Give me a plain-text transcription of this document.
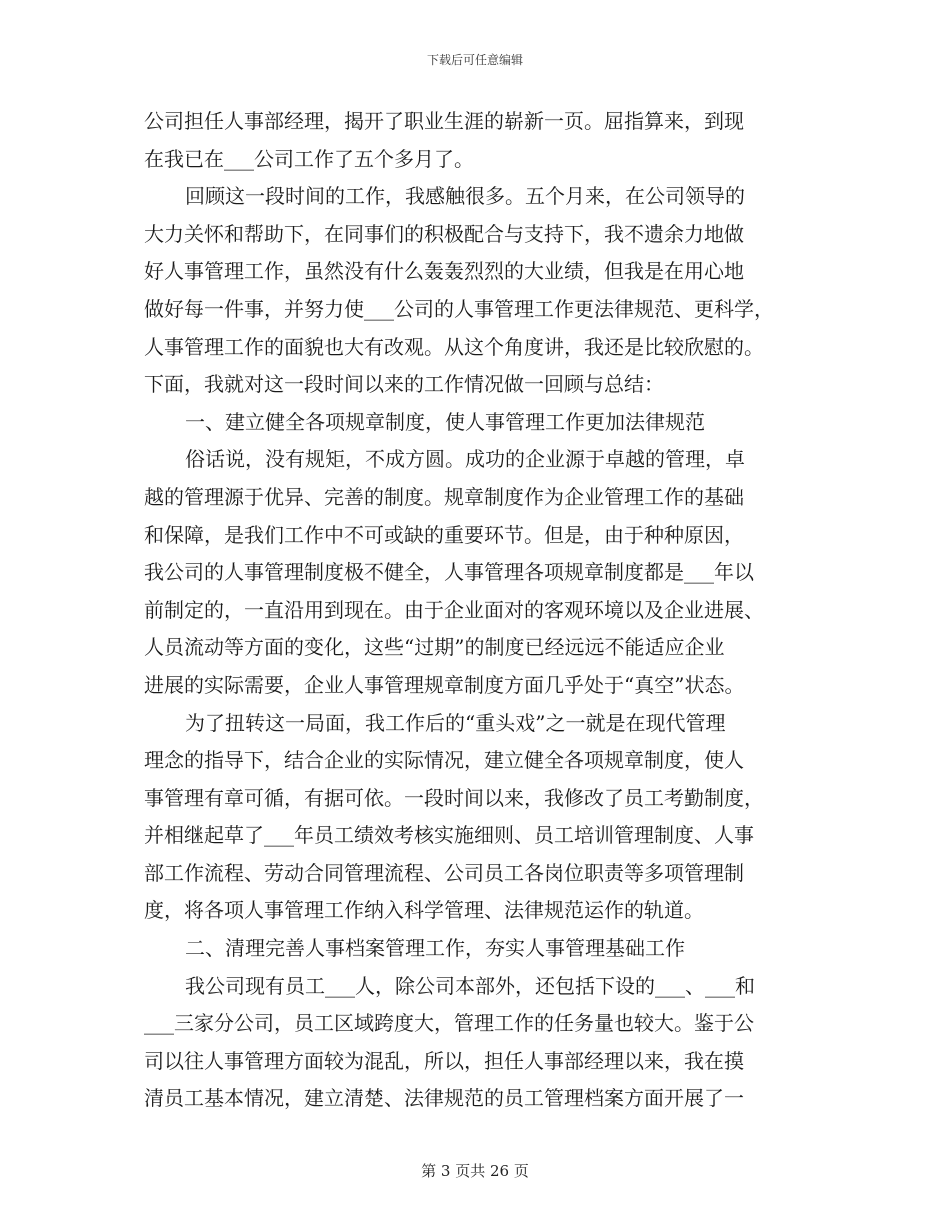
下载后可任意编辑
公司担任人事部经理，揭开了职业生涯的崭新一页。屈指算来，到现
在我已在___公司工作了五个多月了。
回顾这一段时间的工作，我感触很多。五个月来，在公司领导的
大力关怀和帮助下，在同事们的积极配合与支持下，我不遗余力地做
好人事管理工作，虽然没有什么轰轰烈烈的大业绩，但我是在用心地
做好每一件事，并努力使___公司的人事管理工作更法律规范、更科学，
人事管理工作的面貌也大有改观。从这个角度讲，我还是比较欣慰的。
下面，我就对这一段时间以来的工作情况做一回顾与总结：
一、建立健全各项规章制度，使人事管理工作更加法律规范
俗话说，没有规矩，不成方圆。成功的企业源于卓越的管理，卓
越的管理源于优异、完善的制度。规章制度作为企业管理工作的基础
和保障，是我们工作中不可或缺的重要环节。但是，由于种种原因，
我公司的人事管理制度极不健全，人事管理各项规章制度都是___年以
前制定的，一直沿用到现在。由于企业面对的客观环境以及企业进展、
人员流动等方面的变化，这些“过期”的制度已经远远不能适应企业
进展的实际需要，企业人事管理规章制度方面几乎处于“真空”状态。
为了扭转这一局面，我工作后的“重头戏”之一就是在现代管理
理念的指导下，结合企业的实际情况，建立健全各项规章制度，使人
事管理有章可循，有据可依。一段时间以来，我修改了员工考勤制度，
并相继起草了___年员工绩效考核实施细则、员工培训管理制度、人事
部工作流程、劳动合同管理流程、公司员工各岗位职责等多项管理制
度，将各项人事管理工作纳入科学管理、法律规范运作的轨道。
二、清理完善人事档案管理工作，夯实人事管理基础工作
我公司现有员工___人，除公司本部外，还包括下设的___、___和
___三家分公司，员工区域跨度大，管理工作的任务量也较大。鉴于公
司以往人事管理方面较为混乱，所以，担任人事部经理以来，我在摸
清员工基本情况，建立清楚、法律规范的员工管理档案方面开展了一
第 3 页共 26 页
